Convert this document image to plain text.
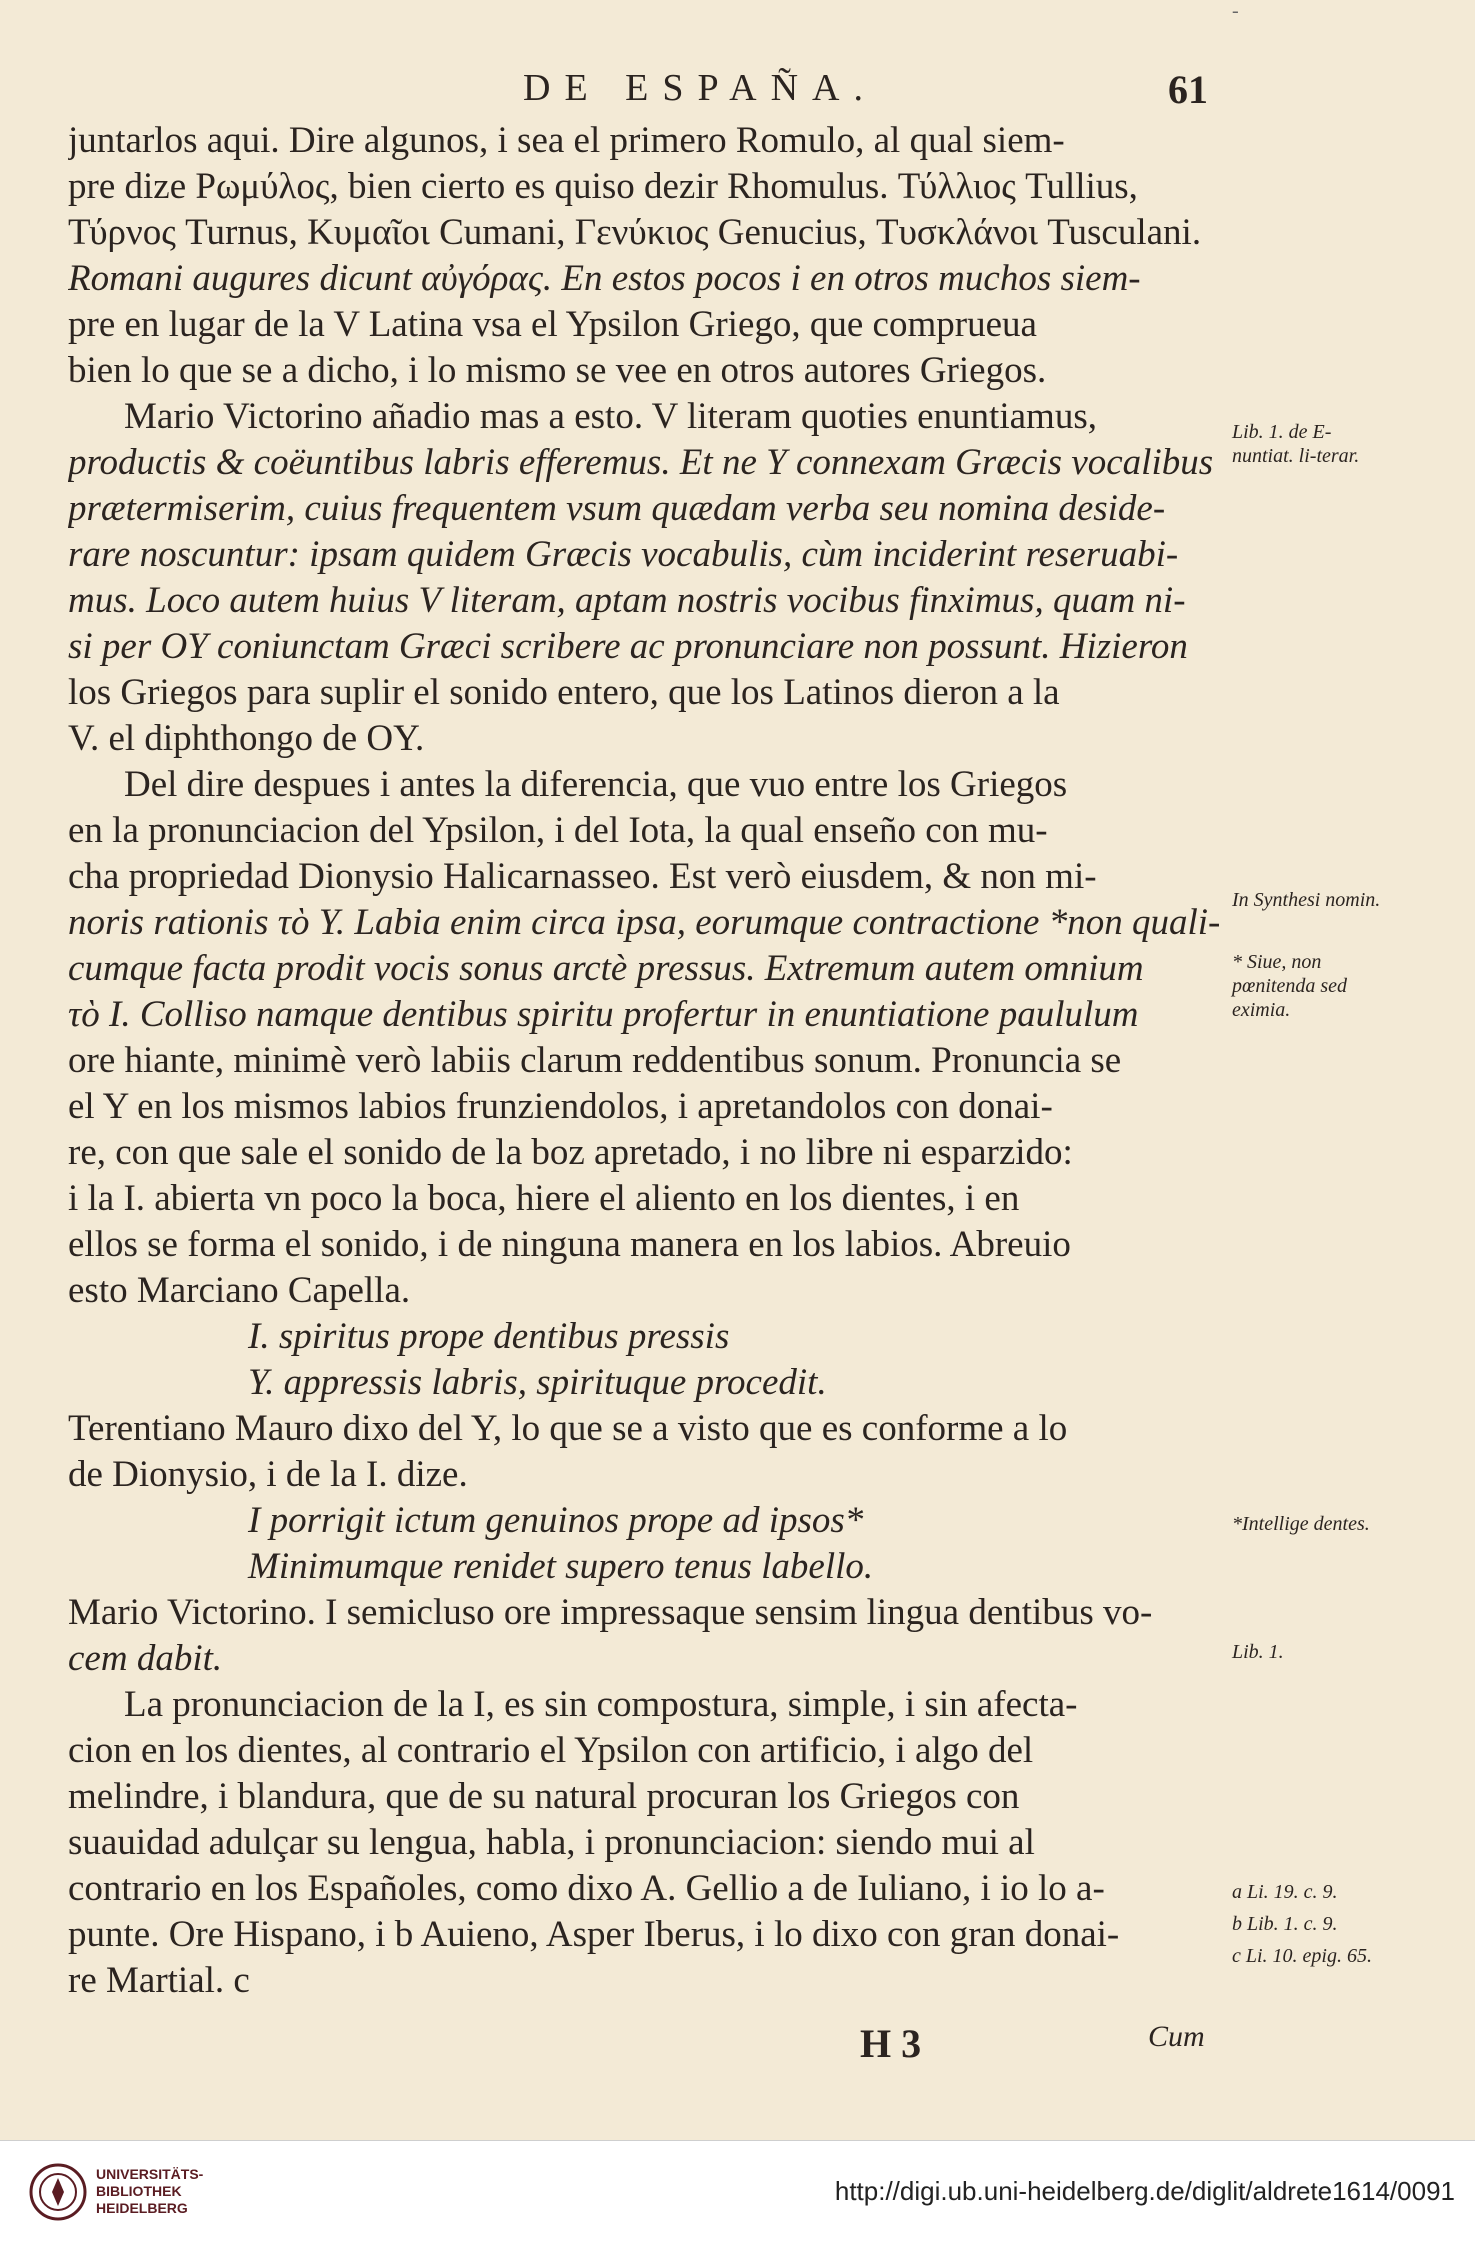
-
DE ESPAÑA.	61
juntarlos aqui. Dire algunos, i sea el primero Romulo, al qual siem-
pre dize Ρωμύλος, bien cierto es quiso dezir Rhomulus. Τύλλιος Tullius,
Τύρνος Turnus, Κυμαῖοι Cumani, Γενύκιος Genucius, Τυσκλάνοι Tusculani.
Romani augures dicunt αὐγόρας. En estos pocos i en otros muchos siem-
pre en lugar de la V Latina vsa el Ypsilon Griego, que comprueua
bien lo que se a dicho, i lo mismo se vee en otros autores Griegos.
Mario Victorino añadio mas a esto. V literam quoties enuntiamus,
productis & coëuntibus labris efferemus. Et ne Y connexam Græcis vocalibus
prætermiserim, cuius frequentem vsum quædam verba seu nomina deside-
rare noscuntur: ipsam quidem Græcis vocabulis, cùm inciderint reseruabi-
mus. Loco autem huius V literam, aptam nostris vocibus finximus, quam ni-
si per OY coniunctam Græci scribere ac pronunciare non possunt. Hizieron
los Griegos para suplir el sonido entero, que los Latinos dieron a la
V. el diphthongo de OY.
Del dire despues i antes la diferencia, que vuo entre los Griegos
en la pronunciacion del Ypsilon, i del Iota, la qual enseño con mu-
cha propriedad Dionysio Halicarnasseo. Est verò eiusdem, & non mi-
noris rationis τὸ Y. Labia enim circa ipsa, eorumque contractione *non quali-
cumque facta prodit vocis sonus arctè pressus. Extremum autem omnium
τὸ I. Colliso namque dentibus spiritu profertur in enuntiatione paululum
ore hiante, minimè verò labiis clarum reddentibus sonum. Pronuncia se
el Y en los mismos labios frunziendolos, i apretandolos con donai-
re, con que sale el sonido de la boz apretado, i no libre ni esparzido:
i la I. abierta vn poco la boca, hiere el aliento en los dientes, i en
ellos se forma el sonido, i de ninguna manera en los labios. Abreuio
esto Marciano Capella.
I. spiritus prope dentibus pressis
Y. appressis labris, spirituque procedit.
Terentiano Mauro dixo del Y, lo que se a visto que es conforme a lo
de Dionysio, i de la I. dize.
I porrigit ictum genuinos prope ad ipsos*
Minimumque renidet supero tenus labello.
Mario Victorino. I semicluso ore impressaque sensim lingua dentibus vo-
cem dabit.
La pronunciacion de la I, es sin compostura, simple, i sin afecta-
cion en los dientes, al contrario el Ypsilon con artificio, i algo del
melindre, i blandura, que de su natural procuran los Griegos con
suauidad adulçar su lengua, habla, i pronunciacion: siendo mui al
contrario en los Españoles, como dixo A. Gellio a de Iuliano, i io lo a-
punte. Ore Hispano, i b Auieno, Asper Iberus, i lo dixo con gran donai-
re Martial. c
Lib. 1. de E-nuntiat. li-terar.
In Synthesi nomin.
* Siue, non pœnitenda sed eximia.
*Intellige dentes.
Lib. 1.
a Li. 19. c. 9.
b Lib. 1. c. 9.
c Li. 10. epig. 65.
H 3	Cum
UNIVERSITÄTS-
BIBLIOTHEK
HEIDELBERG
http://digi.ub.uni-heidelberg.de/diglit/aldrete1614/0091
